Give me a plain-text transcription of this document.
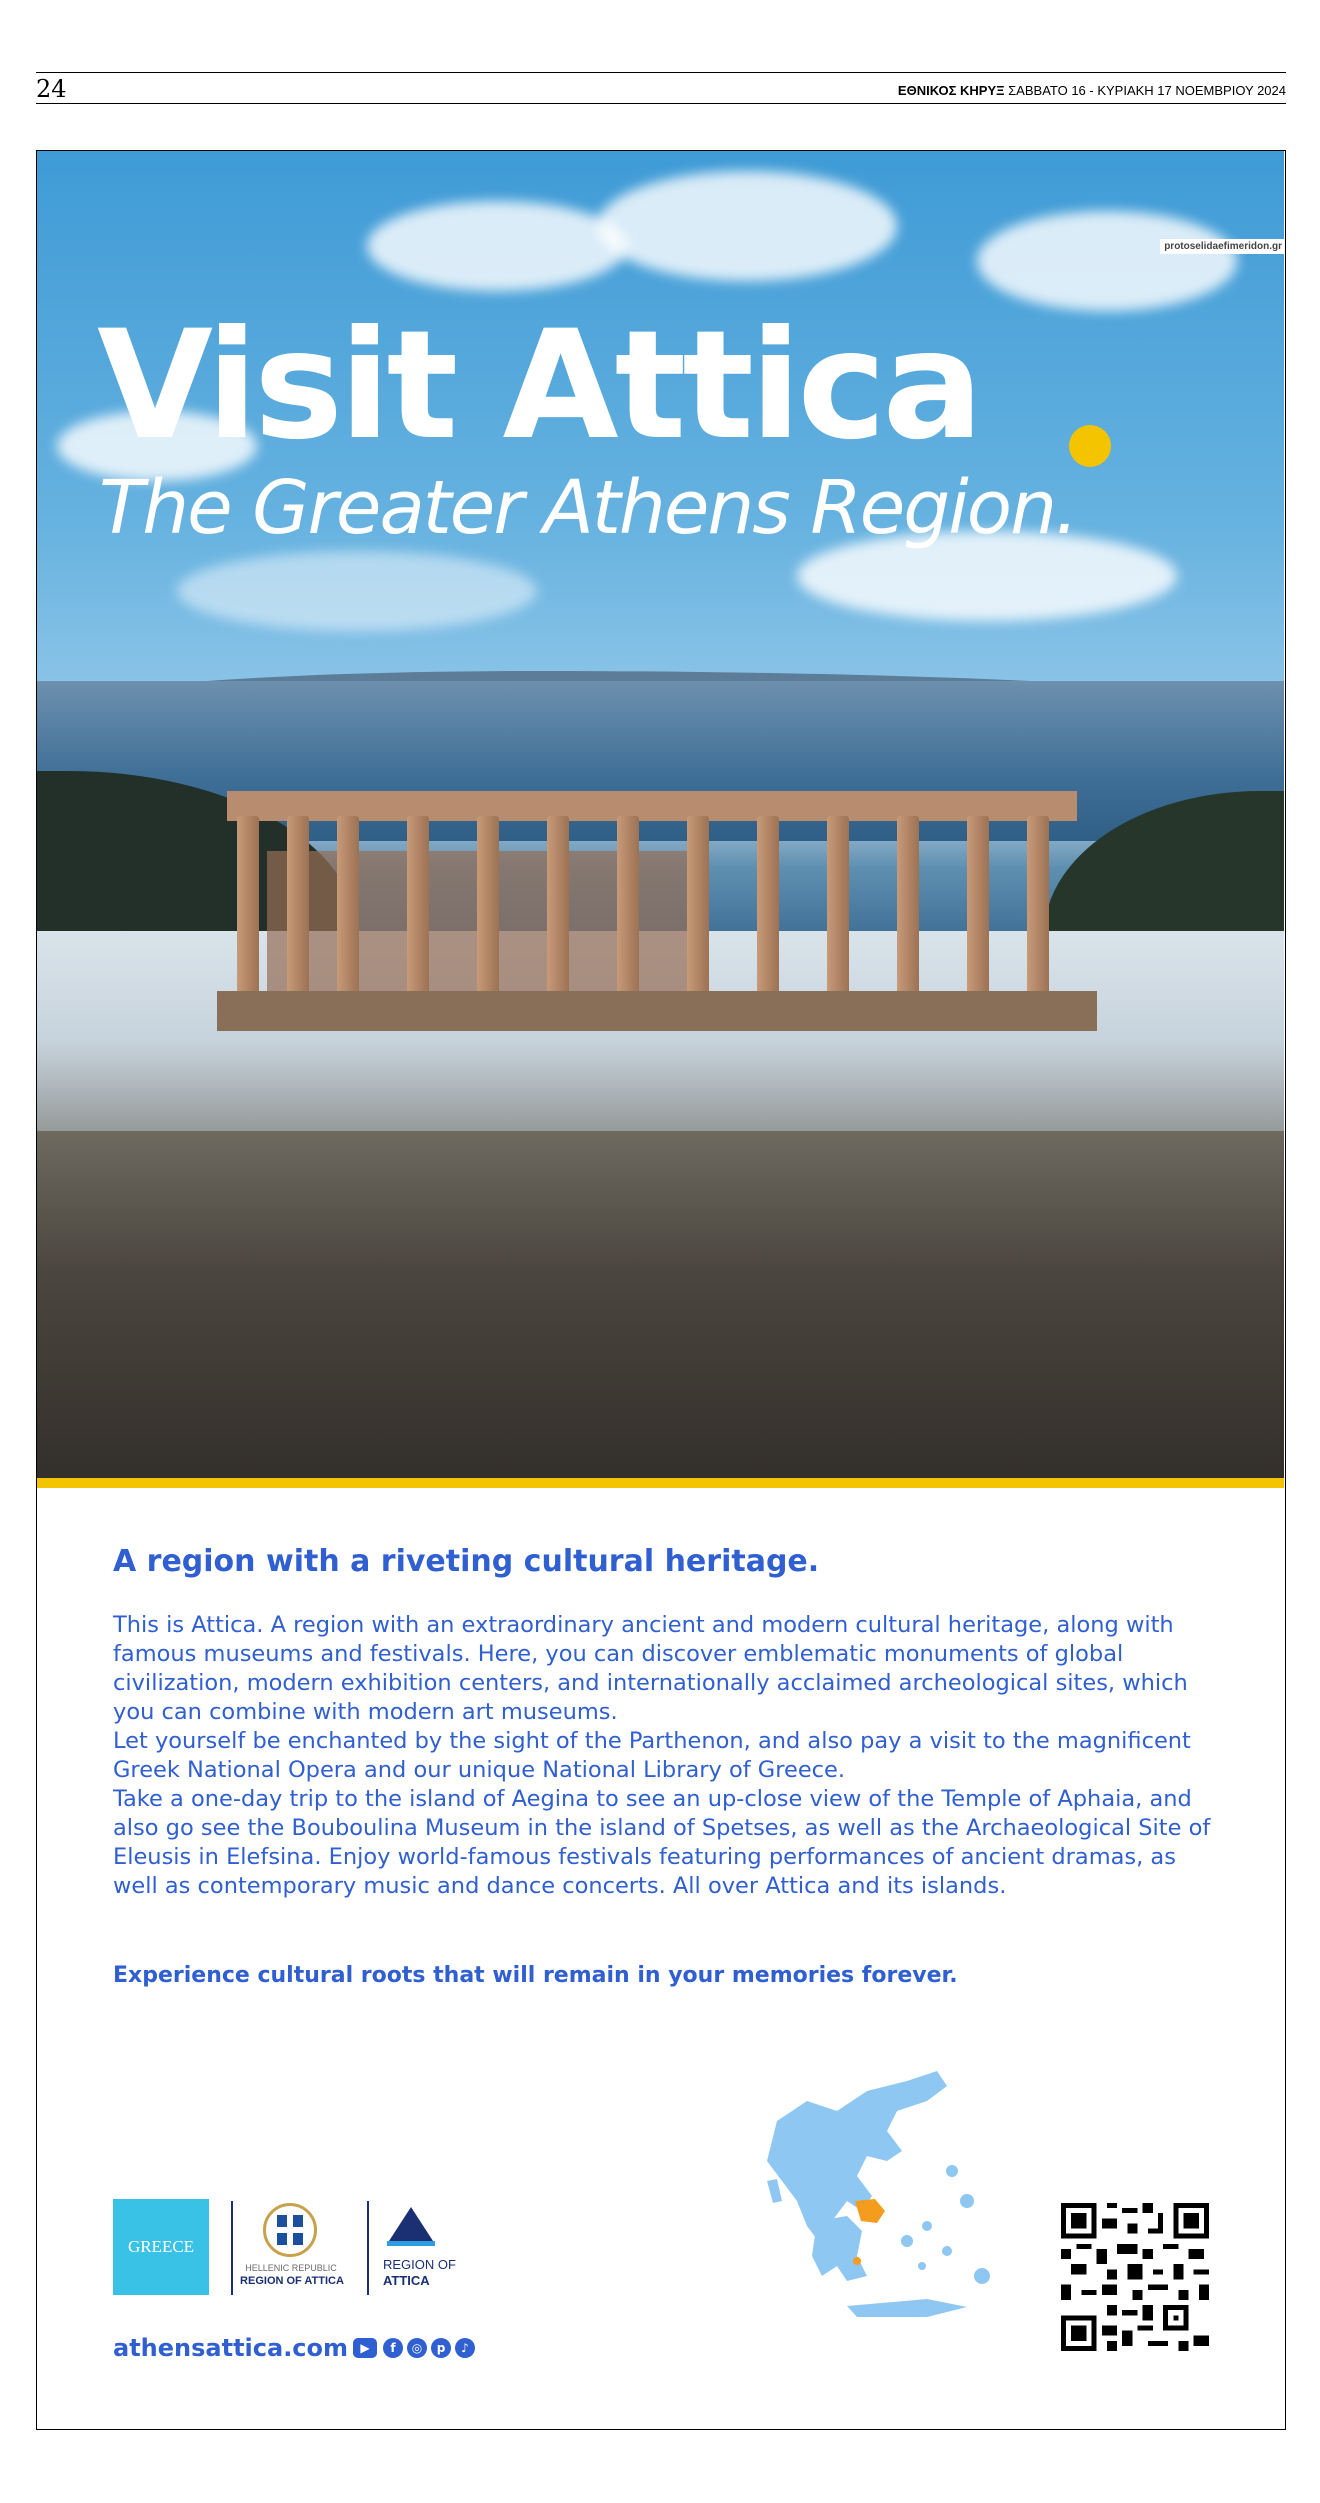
24	ΕΘΝΙΚΟΣ ΚΗΡΥΞ ΣΑΒΒΑΤΟ 16 - ΚΥΡΙΑΚΗ 17 ΝΟΕΜΒΡΙΟΥ 2024
Visit Attica
The Greater Athens Region.
protoselidaefimeridon.gr
A region with a riveting cultural heritage.

This is Attica. A region with an extraordinary ancient and modern cultural heritage, along with famous museums and festivals. Here, you can discover emblematic monuments of global civilization, modern exhibition centers, and internationally acclaimed archeological sites, which you can combine with modern art museums.

Let yourself be enchanted by the sight of the Parthenon, and also pay a visit to the magnificent Greek National Opera and our unique National Library of Greece.

Take a one-day trip to the island of Aegina to see an up-close view of the Temple of Aphaia, and also go see the Bouboulina Museum in the island of Spetses, as well as the Archaeological Site of Eleusis in Elefsina. Enjoy world-famous festivals featuring performances of ancient dramas, as well as contemporary music and dance concerts. All over Attica and its islands.

Experience cultural roots that will remain in your memories forever.
GREECE
HELLENIC REPUBLIC
REGION OF ATTICA
REGION OF
ATTICA
athensattica.com	▶	f	◎	p	♪
